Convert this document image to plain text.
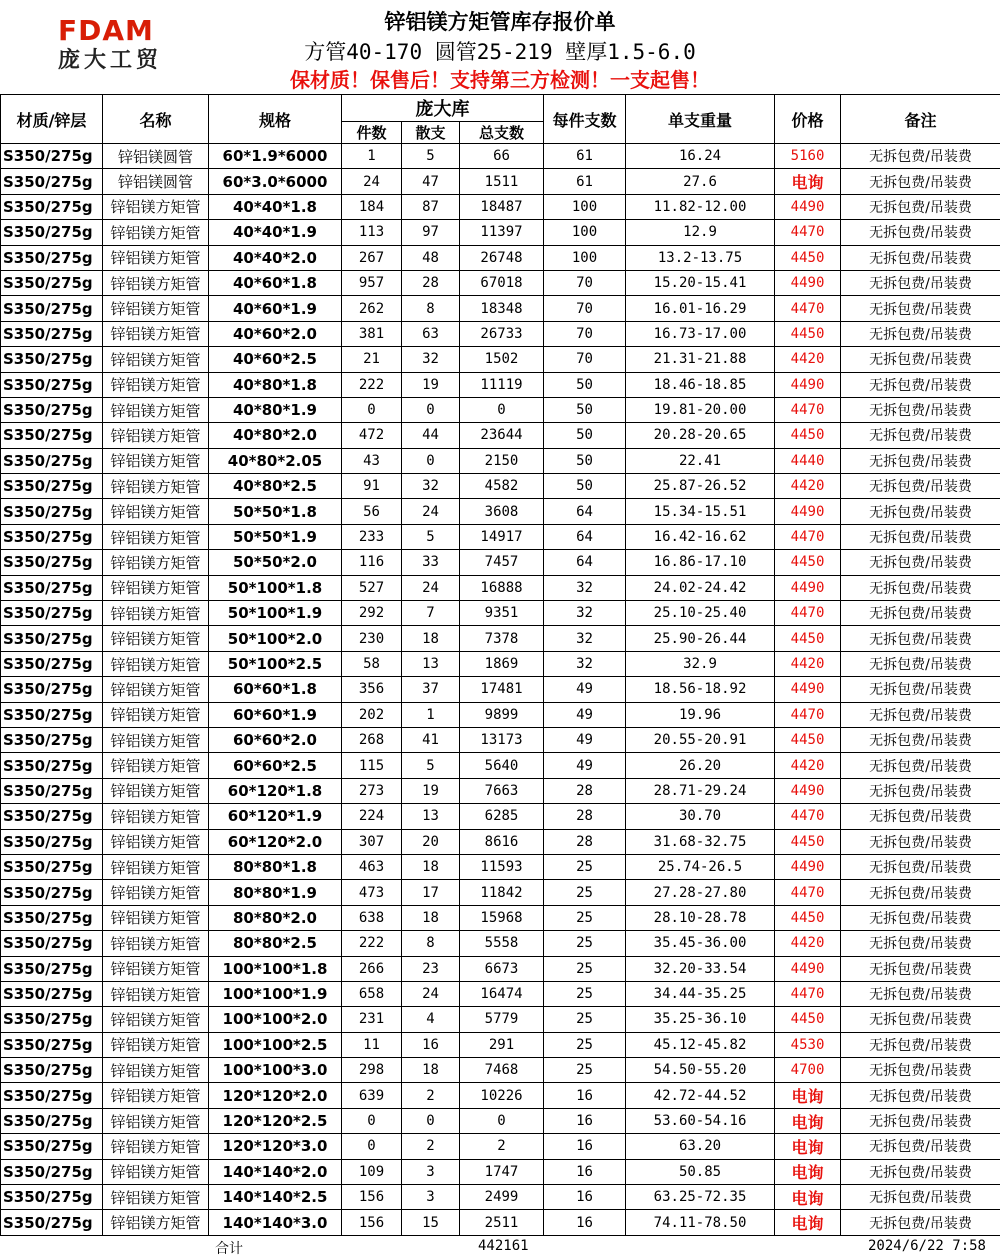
FDAM
庞大工贸
锌铝镁方矩管库存报价单
方管40-170 圆管25-219 壁厚1.5-6.0
保材质！保售后！支持第三方检测！一支起售！
材质/锌层	名称	规格	庞大库			每件支数	单支重量	价格	备注
			件数	散支	总支数				
S350/275g	锌铝镁圆管	60*1.9*6000	1	5	66	61	16.24	5160	无拆包费/吊装费
S350/275g	锌铝镁圆管	60*3.0*6000	24	47	1511	61	27.6	电询	无拆包费/吊装费
S350/275g	锌铝镁方矩管	40*40*1.8	184	87	18487	100	11.82-12.00	4490	无拆包费/吊装费
S350/275g	锌铝镁方矩管	40*40*1.9	113	97	11397	100	12.9	4470	无拆包费/吊装费
S350/275g	锌铝镁方矩管	40*40*2.0	267	48	26748	100	13.2-13.75	4450	无拆包费/吊装费
S350/275g	锌铝镁方矩管	40*60*1.8	957	28	67018	70	15.20-15.41	4490	无拆包费/吊装费
S350/275g	锌铝镁方矩管	40*60*1.9	262	8	18348	70	16.01-16.29	4470	无拆包费/吊装费
S350/275g	锌铝镁方矩管	40*60*2.0	381	63	26733	70	16.73-17.00	4450	无拆包费/吊装费
S350/275g	锌铝镁方矩管	40*60*2.5	21	32	1502	70	21.31-21.88	4420	无拆包费/吊装费
S350/275g	锌铝镁方矩管	40*80*1.8	222	19	11119	50	18.46-18.85	4490	无拆包费/吊装费
S350/275g	锌铝镁方矩管	40*80*1.9	0	0	0	50	19.81-20.00	4470	无拆包费/吊装费
S350/275g	锌铝镁方矩管	40*80*2.0	472	44	23644	50	20.28-20.65	4450	无拆包费/吊装费
S350/275g	锌铝镁方矩管	40*80*2.05	43	0	2150	50	22.41	4440	无拆包费/吊装费
S350/275g	锌铝镁方矩管	40*80*2.5	91	32	4582	50	25.87-26.52	4420	无拆包费/吊装费
S350/275g	锌铝镁方矩管	50*50*1.8	56	24	3608	64	15.34-15.51	4490	无拆包费/吊装费
S350/275g	锌铝镁方矩管	50*50*1.9	233	5	14917	64	16.42-16.62	4470	无拆包费/吊装费
S350/275g	锌铝镁方矩管	50*50*2.0	116	33	7457	64	16.86-17.10	4450	无拆包费/吊装费
S350/275g	锌铝镁方矩管	50*100*1.8	527	24	16888	32	24.02-24.42	4490	无拆包费/吊装费
S350/275g	锌铝镁方矩管	50*100*1.9	292	7	9351	32	25.10-25.40	4470	无拆包费/吊装费
S350/275g	锌铝镁方矩管	50*100*2.0	230	18	7378	32	25.90-26.44	4450	无拆包费/吊装费
S350/275g	锌铝镁方矩管	50*100*2.5	58	13	1869	32	32.9	4420	无拆包费/吊装费
S350/275g	锌铝镁方矩管	60*60*1.8	356	37	17481	49	18.56-18.92	4490	无拆包费/吊装费
S350/275g	锌铝镁方矩管	60*60*1.9	202	1	9899	49	19.96	4470	无拆包费/吊装费
S350/275g	锌铝镁方矩管	60*60*2.0	268	41	13173	49	20.55-20.91	4450	无拆包费/吊装费
S350/275g	锌铝镁方矩管	60*60*2.5	115	5	5640	49	26.20	4420	无拆包费/吊装费
S350/275g	锌铝镁方矩管	60*120*1.8	273	19	7663	28	28.71-29.24	4490	无拆包费/吊装费
S350/275g	锌铝镁方矩管	60*120*1.9	224	13	6285	28	30.70	4470	无拆包费/吊装费
S350/275g	锌铝镁方矩管	60*120*2.0	307	20	8616	28	31.68-32.75	4450	无拆包费/吊装费
S350/275g	锌铝镁方矩管	80*80*1.8	463	18	11593	25	25.74-26.5	4490	无拆包费/吊装费
S350/275g	锌铝镁方矩管	80*80*1.9	473	17	11842	25	27.28-27.80	4470	无拆包费/吊装费
S350/275g	锌铝镁方矩管	80*80*2.0	638	18	15968	25	28.10-28.78	4450	无拆包费/吊装费
S350/275g	锌铝镁方矩管	80*80*2.5	222	8	5558	25	35.45-36.00	4420	无拆包费/吊装费
S350/275g	锌铝镁方矩管	100*100*1.8	266	23	6673	25	32.20-33.54	4490	无拆包费/吊装费
S350/275g	锌铝镁方矩管	100*100*1.9	658	24	16474	25	34.44-35.25	4470	无拆包费/吊装费
S350/275g	锌铝镁方矩管	100*100*2.0	231	4	5779	25	35.25-36.10	4450	无拆包费/吊装费
S350/275g	锌铝镁方矩管	100*100*2.5	11	16	291	25	45.12-45.82	4530	无拆包费/吊装费
S350/275g	锌铝镁方矩管	100*100*3.0	298	18	7468	25	54.50-55.20	4700	无拆包费/吊装费
S350/275g	锌铝镁方矩管	120*120*2.0	639	2	10226	16	42.72-44.52	电询	无拆包费/吊装费
S350/275g	锌铝镁方矩管	120*120*2.5	0	0	0	16	53.60-54.16	电询	无拆包费/吊装费
S350/275g	锌铝镁方矩管	120*120*3.0	0	2	2	16	63.20	电询	无拆包费/吊装费
S350/275g	锌铝镁方矩管	140*140*2.0	109	3	1747	16	50.85	电询	无拆包费/吊装费
S350/275g	锌铝镁方矩管	140*140*2.5	156	3	2499	16	63.25-72.35	电询	无拆包费/吊装费
S350/275g	锌铝镁方矩管	140*140*3.0	156	15	2511	16	74.11-78.50	电询	无拆包费/吊装费
合计	442161	2024/6/22 7:58
